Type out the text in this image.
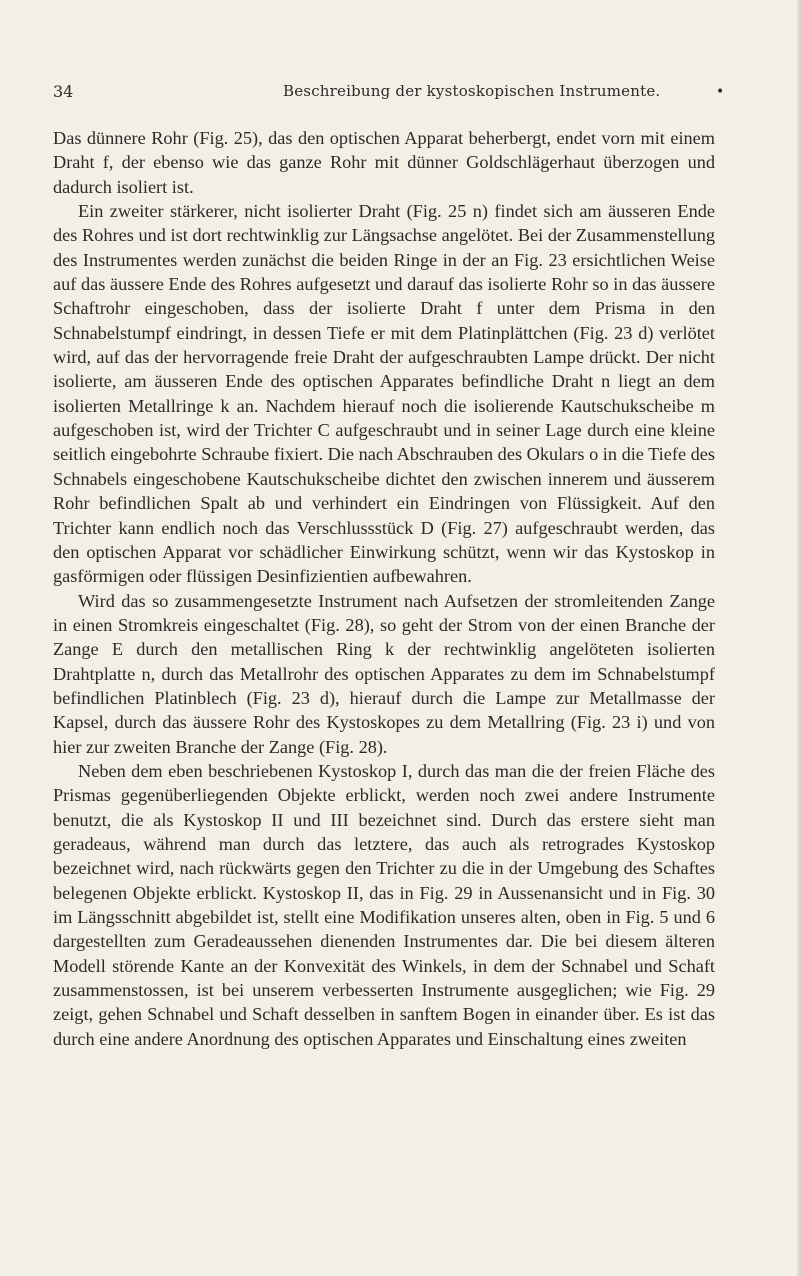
34	Beschreibung der kystoskopischen Instrumente.	•

Das dünnere Rohr (Fig. 25), das den optischen Apparat beherbergt, endet vorn mit einem Draht f, der ebenso wie das ganze Rohr mit dünner Goldschlägerhaut überzogen und dadurch isoliert ist.

Ein zweiter stärkerer, nicht isolierter Draht (Fig. 25 n) findet sich am äusseren Ende des Rohres und ist dort rechtwinklig zur Längsachse angelötet. Bei der Zusammenstellung des Instrumentes werden zunächst die beiden Ringe in der an Fig. 23 ersichtlichen Weise auf das äussere Ende des Rohres aufgesetzt und darauf das isolierte Rohr so in das äussere Schaftrohr eingeschoben, dass der isolierte Draht f unter dem Prisma in den Schnabelstumpf eindringt, in dessen Tiefe er mit dem Platinplättchen (Fig. 23 d) verlötet wird, auf das der hervorragende freie Draht der aufgeschraubten Lampe drückt. Der nicht isolierte, am äusseren Ende des optischen Apparates befindliche Draht n liegt an dem isolierten Metallringe k an. Nachdem hierauf noch die isolierende Kautschukscheibe m aufgeschoben ist, wird der Trichter C aufgeschraubt und in seiner Lage durch eine kleine seitlich eingebohrte Schraube fixiert. Die nach Abschrauben des Okulars o in die Tiefe des Schnabels eingeschobene Kautschukscheibe dichtet den zwischen innerem und äusserem Rohr befindlichen Spalt ab und verhindert ein Eindringen von Flüssigkeit. Auf den Trichter kann endlich noch das Verschlussstück D (Fig. 27) aufgeschraubt werden, das den optischen Apparat vor schädlicher Einwirkung schützt, wenn wir das Kystoskop in gasförmigen oder flüssigen Desinfizientien aufbewahren.

Wird das so zusammengesetzte Instrument nach Aufsetzen der stromleitenden Zange in einen Stromkreis eingeschaltet (Fig. 28), so geht der Strom von der einen Branche der Zange E durch den metallischen Ring k der rechtwinklig angelöteten isolierten Drahtplatte n, durch das Metallrohr des optischen Apparates zu dem im Schnabelstumpf befindlichen Platinblech (Fig. 23 d), hierauf durch die Lampe zur Metallmasse der Kapsel, durch das äussere Rohr des Kystoskopes zu dem Metallring (Fig. 23 i) und von hier zur zweiten Branche der Zange (Fig. 28).

Neben dem eben beschriebenen Kystoskop I, durch das man die der freien Fläche des Prismas gegenüberliegenden Objekte erblickt, werden noch zwei andere Instrumente benutzt, die als Kystoskop II und III bezeichnet sind. Durch das erstere sieht man geradeaus, während man durch das letztere, das auch als retrogrades Kystoskop bezeichnet wird, nach rückwärts gegen den Trichter zu die in der Umgebung des Schaftes belegenen Objekte erblickt. Kystoskop II, das in Fig. 29 in Aussenansicht und in Fig. 30 im Längsschnitt abgebildet ist, stellt eine Modifikation unseres alten, oben in Fig. 5 und 6 dargestellten zum Geradeaussehen dienenden Instrumentes dar. Die bei diesem älteren Modell störende Kante an der Konvexität des Winkels, in dem der Schnabel und Schaft zusammenstossen, ist bei unserem verbesserten Instrumente ausgeglichen; wie Fig. 29 zeigt, gehen Schnabel und Schaft desselben in sanftem Bogen in einander über. Es ist das durch eine andere Anordnung des optischen Apparates und Einschaltung eines zweiten
